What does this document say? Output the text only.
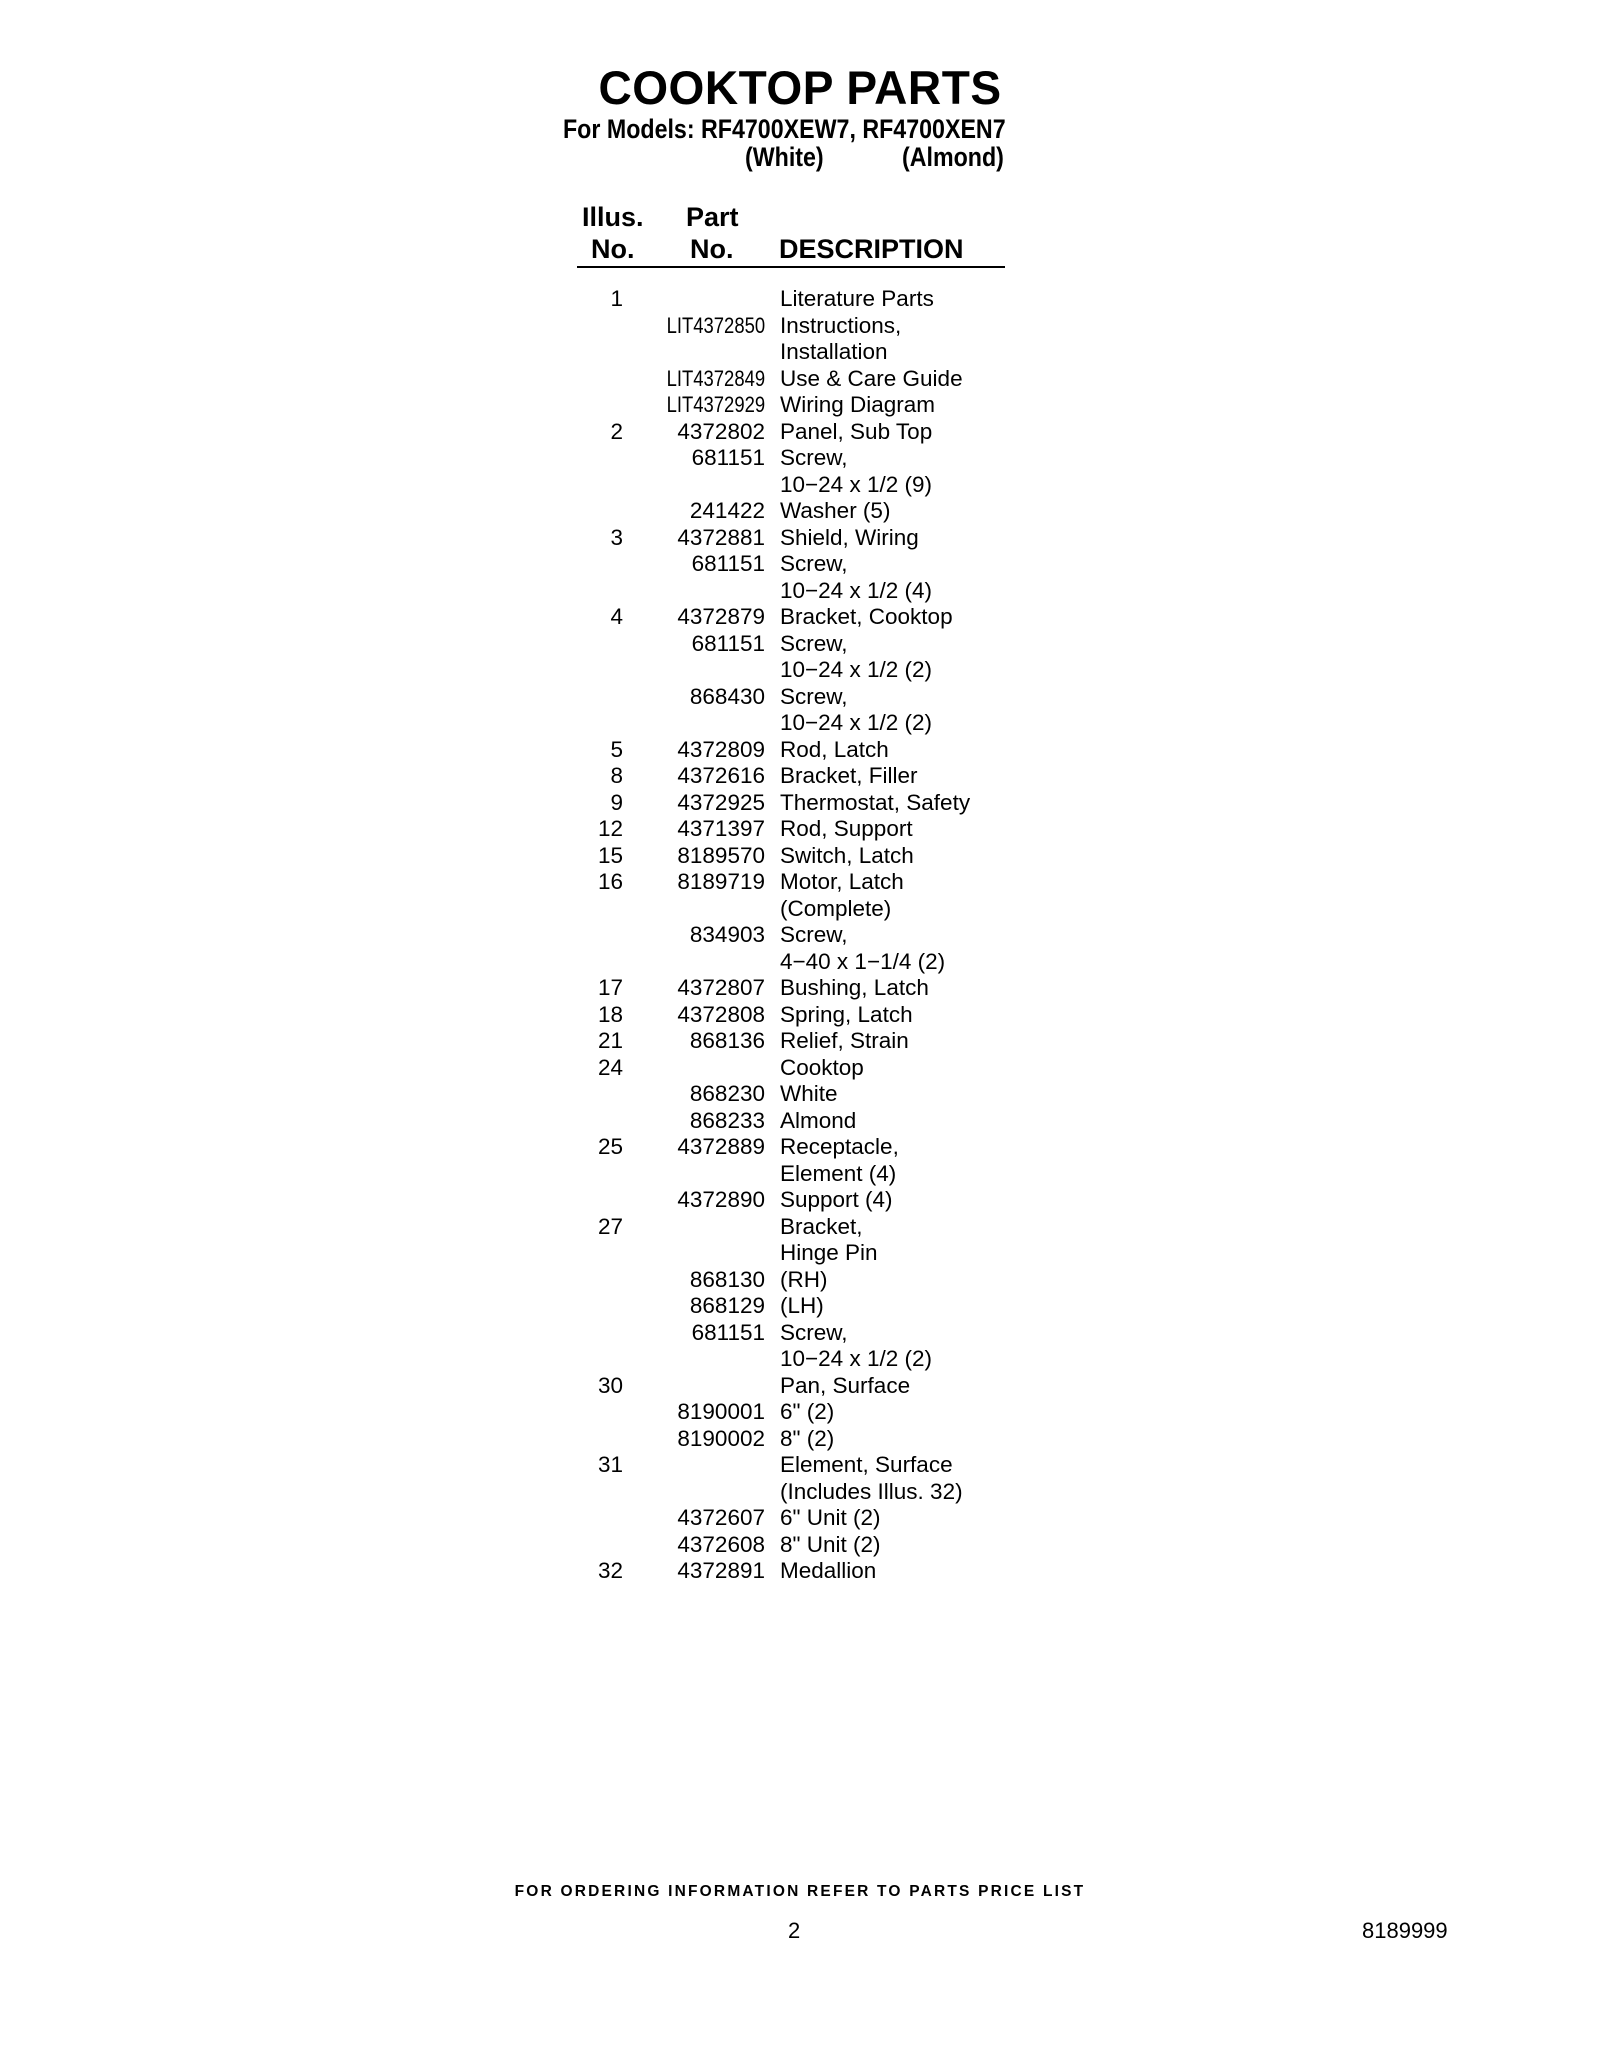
COOKTOP PARTS
For Models: RF4700XEW7, RF4700XEN7
(White)	(Almond)
Illus.
No.
Part
No. DESCRIPTION
1	Literature Parts
LIT4372850 Instructions,
Installation
LIT4372849 Use & Care Guide
LIT4372929 Wiring Diagram
2 4372802 Panel, Sub Top
681151 Screw,
10−24 x 1/2 (9)
241422 Washer (5)
3 4372881 Shield, Wiring
681151 Screw,
10−24 x 1/2 (4)
4 4372879 Bracket, Cooktop
681151 Screw,
10−24 x 1/2 (2)
868430 Screw,
10−24 x 1/2 (2)
5 4372809 Rod, Latch
8 4372616 Bracket, Filler
9 4372925 Thermostat, Safety
12 4371397 Rod, Support
15 8189570 Switch, Latch
16 8189719 Motor, Latch
(Complete)
834903 Screw,
4−40 x 1−1/4 (2)
17 4372807 Bushing, Latch
18 4372808 Spring, Latch
21	868136 Relief, Strain
24	Cooktop
868230 White
868233 Almond
25 4372889 Receptacle,
Element (4)
4372890 Support (4)
27	Bracket,
Hinge Pin
868130 (RH)
868129 (LH)
681151 Screw,
10−24 x 1/2 (2)
30	Pan, Surface
8190001 6" (2)
8190002 8" (2)
31	Element, Surface
(Includes Illus. 32)
4372607 6" Unit (2)
4372608 8" Unit (2)
32 4372891 Medallion
FOR ORDERING INFORMATION REFER TO PARTS PRICE LIST
2	8189999
